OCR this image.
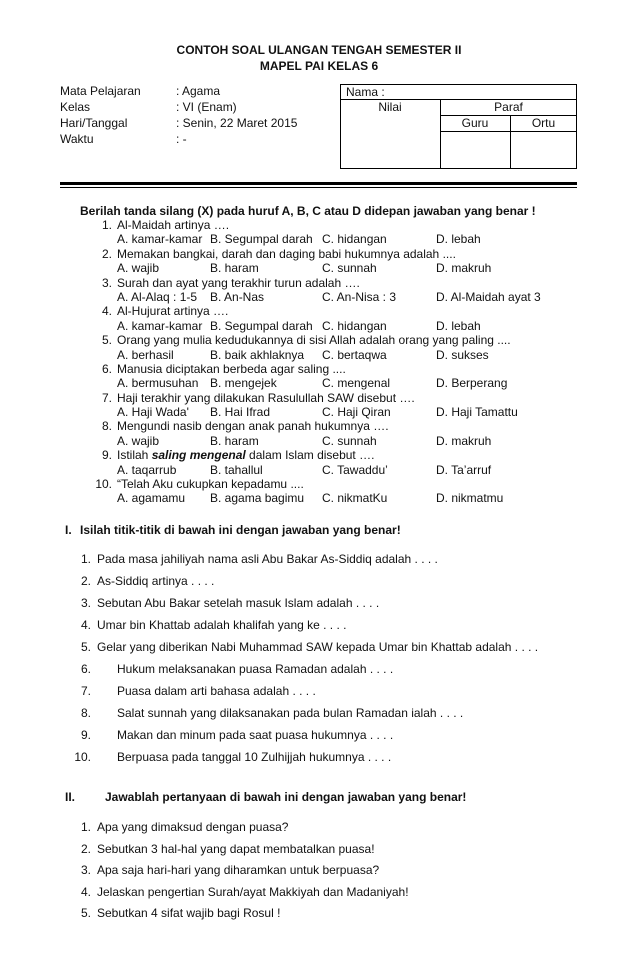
CONTOH SOAL ULANGAN TENGAH SEMESTER II
MAPEL PAI KELAS 6
Mata Pelajaran	: Agama
Kelas	: VI (Enam)
Hari/Tanggal	: Senin, 22 Maret 2015
Waktu	: -
Nama :
Nilai	Paraf
Guru	Ortu
Berilah tanda silang (X) pada huruf A, B, C atau D didepan jawaban yang benar !
1. Al-Maidah artinya ….
A. kamar-kamar B. Segumpal darah C. hidangan	D. lebah
2. Memakan bangkai, darah dan daging babi hukumnya adalah ....
A. wajib	B. haram	C. sunnah	D. makruh
3. Surah dan ayat yang terakhir turun adalah ….
A. Al-Alaq : 1-5 B. An-Nas	C. An-Nisa : 3	D. Al-Maidah ayat 3
4. Al-Hujurat artinya ….
A. kamar-kamar B. Segumpal darah C. hidangan	D. lebah
5. Orang yang mulia kedudukannya di sisi Allah adalah orang yang paling ....
A. berhasil	B. baik akhlaknya C. bertaqwa	D. sukses
6. Manusia diciptakan berbeda agar saling ....
A. bermusuhan B. mengejek	C. mengenal	D. Berperang
7. Haji terakhir yang dilakukan Rasulullah SAW disebut ….
A. Haji Wada' B. Hai Ifrad	C. Haji Qiran	D. Haji Tamattu
8. Mengundi nasib dengan anak panah hukumnya ….
A. wajib	B. haram	C. sunnah	D. makruh
9. Istilah saling mengenal dalam Islam disebut ….
A. taqarrub	B. tahallul	C. Tawaddu’	D. Ta’arruf
10. “Telah Aku cukupkan kepadamu ....
A. agamamu B. agama bagimu C. nikmatKu	D. nikmatmu
I. Isilah titik-titik di bawah ini dengan jawaban yang benar!
1. Pada masa jahiliyah nama asli Abu Bakar As-Siddiq adalah . . . .
2. As-Siddiq artinya . . . .
3. Sebutan Abu Bakar setelah masuk Islam adalah . . . .
4. Umar bin Khattab adalah khalifah yang ke . . . .
5. Gelar yang diberikan Nabi Muhammad SAW kepada Umar bin Khattab adalah . . . .
6. Hukum melaksanakan puasa Ramadan adalah . . . .
7. Puasa dalam arti bahasa adalah . . . .
8. Salat sunnah yang dilaksanakan pada bulan Ramadan ialah . . . .
9. Makan dan minum pada saat puasa hukumnya . . . .
10. Berpuasa pada tanggal 10 Zulhijjah hukumnya . . . .
II. Jawablah pertanyaan di bawah ini dengan jawaban yang benar!
1. Apa yang dimaksud dengan puasa?
2. Sebutkan 3 hal-hal yang dapat membatalkan puasa!
3. Apa saja hari-hari yang diharamkan untuk berpuasa?
4. Jelaskan pengertian Surah/ayat Makkiyah dan Madaniyah!
5. Sebutkan 4 sifat wajib bagi Rosul !
